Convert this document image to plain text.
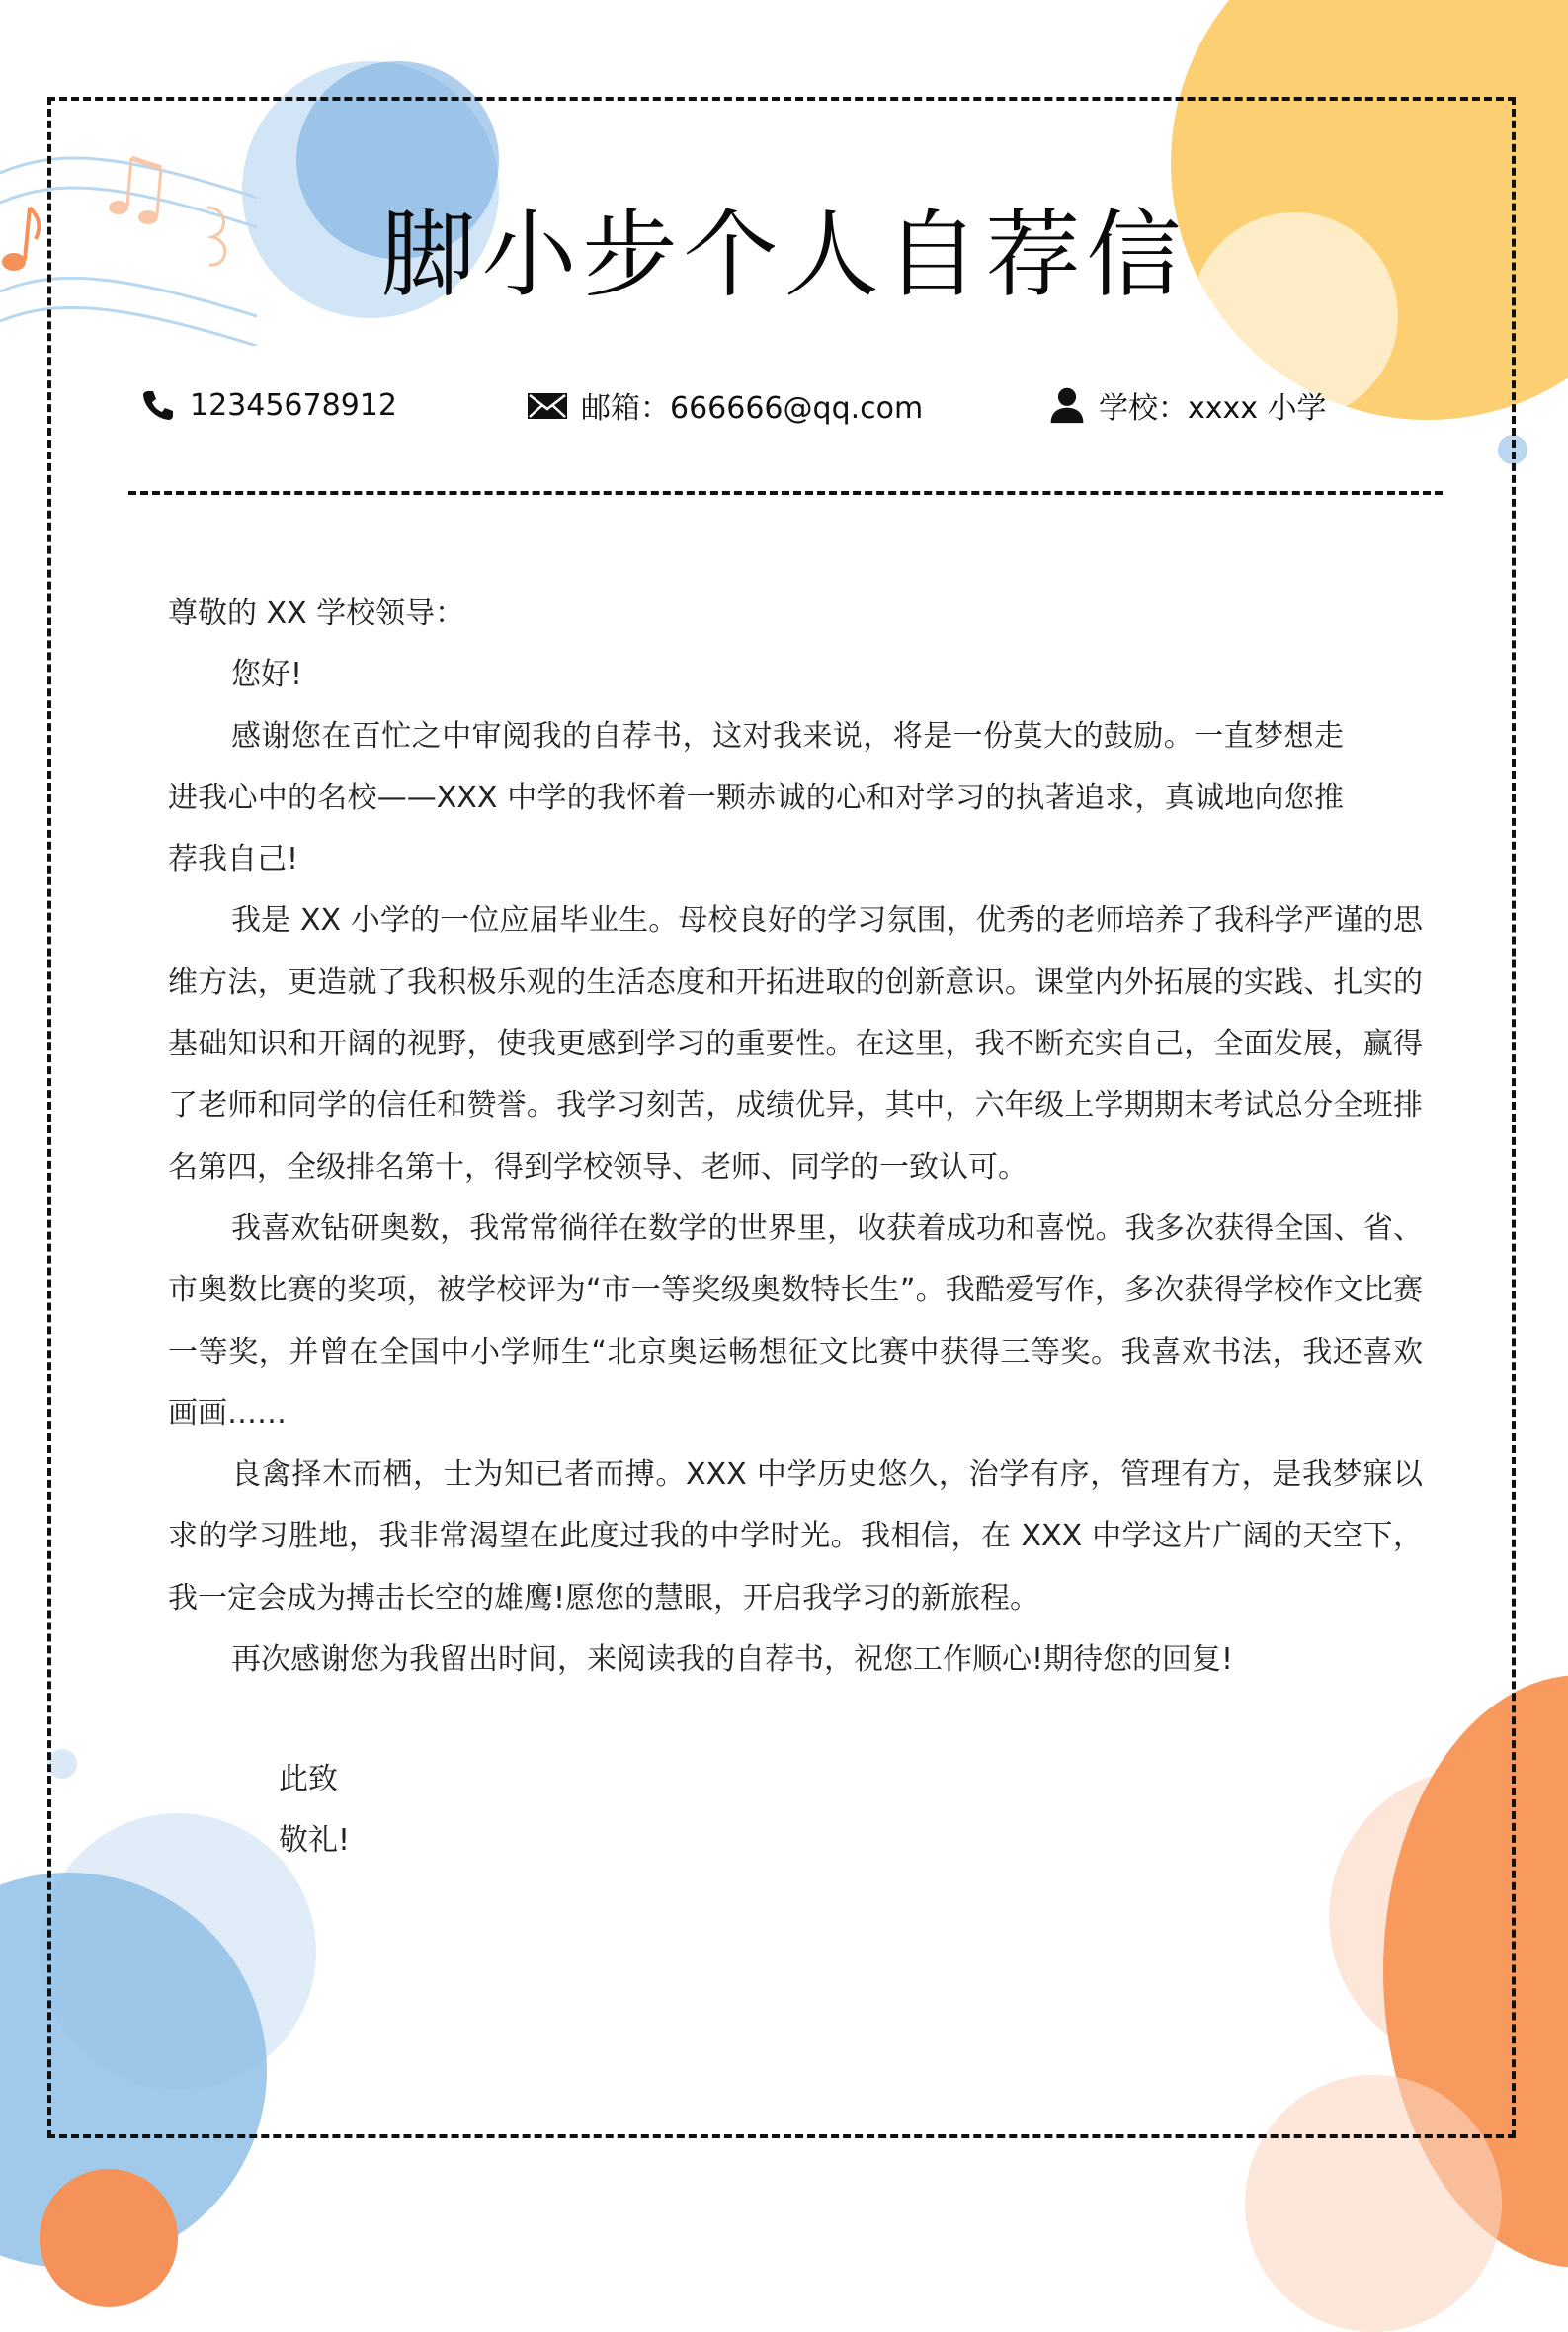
脚小步个人自荐信
12345678912	邮箱：666666@qq.com	学校：xxxx 小学

尊敬的 XX 学校领导：

您好!

感谢您在百忙之中审阅我的自荐书，这对我来说，将是一份莫大的鼓励。一直梦想走进我心中的名校——XXX 中学的我怀着一颗赤诚的心和对学习的执著追求，真诚地向您推荐我自己!

我是 XX 小学的一位应届毕业生。母校良好的学习氛围，优秀的老师培养了我科学严谨的思维方法，更造就了我积极乐观的生活态度和开拓进取的创新意识。课堂内外拓展的实践、扎实的基础知识和开阔的视野，使我更感到学习的重要性。在这里，我不断充实自己，全面发展，赢得了老师和同学的信任和赞誉。我学习刻苦，成绩优异，其中，六年级上学期期末考试总分全班排名第四，全级排名第十，得到学校领导、老师、同学的一致认可。

我喜欢钻研奥数，我常常徜徉在数学的世界里，收获着成功和喜悦。我多次获得全国、省、市奥数比赛的奖项，被学校评为“市一等奖级奥数特长生”。我酷爱写作，多次获得学校作文比赛一等奖，并曾在全国中小学师生“北京奥运畅想征文比赛中获得三等奖。我喜欢书法，我还喜欢画画……

良禽择木而栖，士为知已者而搏。XXX 中学历史悠久，治学有序，管理有方，是我梦寐以求的学习胜地，我非常渴望在此度过我的中学时光。我相信，在 XXX 中学这片广阔的天空下，我一定会成为搏击长空的雄鹰!愿您的慧眼，开启我学习的新旅程。

再次感谢您为我留出时间，来阅读我的自荐书，祝您工作顺心!期待您的回复!

此致

敬礼!
